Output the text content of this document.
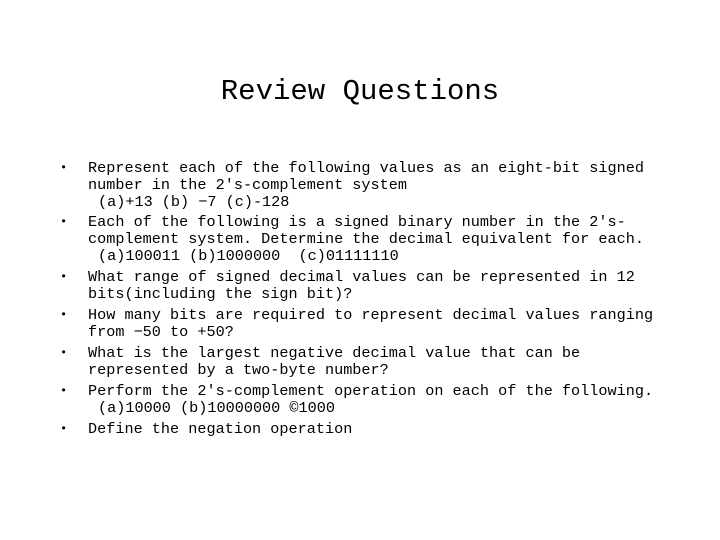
Review Questions
• Represent each of the following values as an eight-bit signed number in the 2′s-complement system
(a)+13 (b) −7 (c)-128
• Each of the following is a signed binary number in the 2′s-complement system. Determine the decimal equivalent for each.
(a)100011 (b)1000000  (c)01111110
• What range of signed decimal values can be represented in 12 bits(including the sign bit)?
• How many bits are required to represent decimal values ranging from −50 to +50?
• What is the largest negative decimal value that can be represented by a two-byte number?
• Perform the 2′s-complement operation on each of the following.
(a)10000 (b)10000000 ©1000
• Define the negation operation
